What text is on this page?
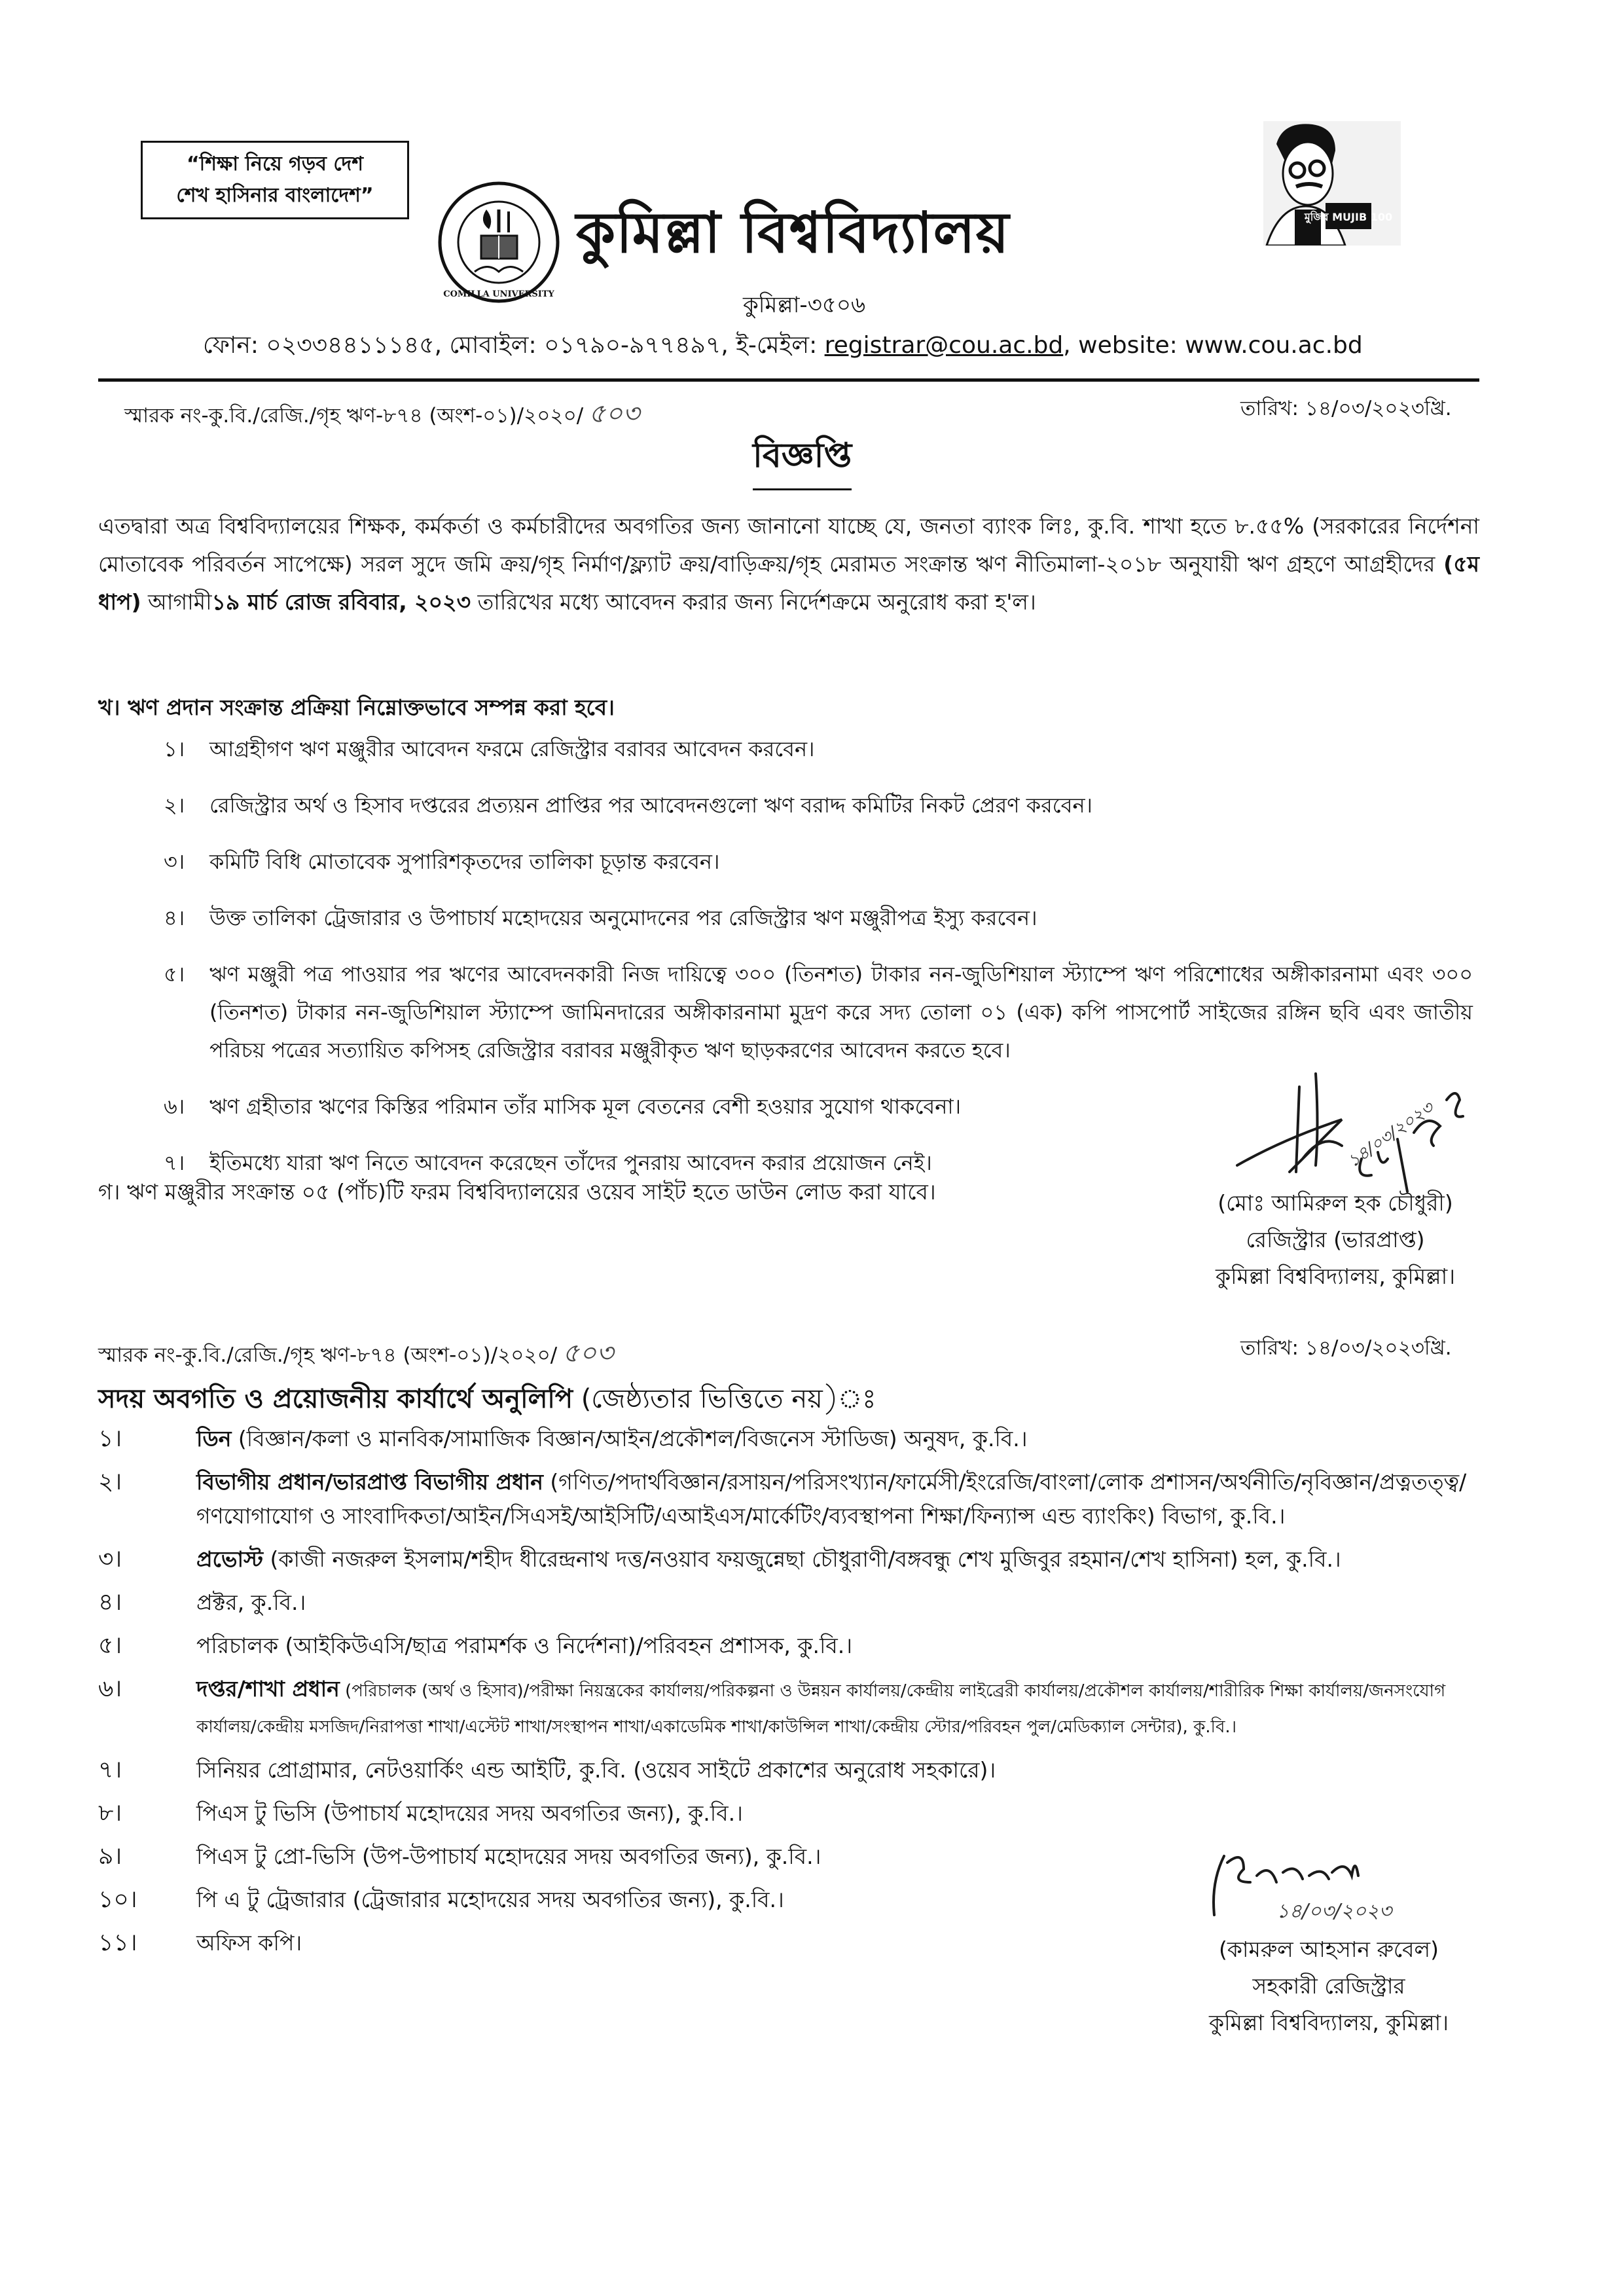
“শিক্ষা নিয়ে গড়ব দেশ
শেখ হাসিনার বাংলাদেশ”
COMILLA UNIVERSITY
কুমিল্লা বিশ্ববিদ্যালয়	মুজিব MUJIB 100
কুমিল্লা-৩৫০৬
ফোন: ০২৩৩৪৪১১১৪৫, মোবাইল: ০১৭৯০-৯৭৭৪৯৭, ই-মেইল: registrar@cou.ac.bd, website: www.cou.ac.bd
স্মারক নং-কু.বি./রেজি./গৃহ ঋণ-৮৭৪ (অংশ-০১)/২০২০/ ৫০৩	তারিখ: ১৪/০৩/২০২৩খ্রি.
বিজ্ঞপ্তি
এতদ্বারা অত্র বিশ্ববিদ্যালয়ের শিক্ষক, কর্মকর্তা ও কর্মচারীদের অবগতির জন্য জানানো যাচ্ছে যে, জনতা ব্যাংক লিঃ, কু.বি. শাখা হতে ৮.৫৫% (সরকারের নির্দেশনা মোতাবেক পরিবর্তন সাপেক্ষে) সরল সুদে জমি ক্রয়/গৃহ নির্মাণ/ফ্ল্যাট ক্রয়/বাড়িক্রয়/গৃহ মেরামত সংক্রান্ত ঋণ নীতিমালা-২০১৮ অনুযায়ী ঋণ গ্রহণে আগ্রহীদের (৫ম ধাপ) আগামী১৯ মার্চ রোজ রবিবার, ২০২৩ তারিখের মধ্যে আবেদন করার জন্য নির্দেশক্রমে অনুরোধ করা হ'ল।
খ। ঋণ প্রদান সংক্রান্ত প্রক্রিয়া নিম্নোক্তভাবে সম্পন্ন করা হবে।
১।	আগ্রহীগণ ঋণ মঞ্জুরীর আবেদন ফরমে রেজিস্ট্রার বরাবর আবেদন করবেন।
২।	রেজিস্ট্রার অর্থ ও হিসাব দপ্তরের প্রত্যয়ন প্রাপ্তির পর আবেদনগুলো ঋণ বরাদ্দ কমিটির নিকট প্রেরণ করবেন।
৩।	কমিটি বিধি মোতাবেক সুপারিশকৃতদের তালিকা চূড়ান্ত করবেন।
৪।	উক্ত তালিকা ট্রেজারার ও উপাচার্য মহোদয়ের অনুমোদনের পর রেজিস্ট্রার ঋণ মঞ্জুরীপত্র ইস্যু করবেন।
৫।	ঋণ মঞ্জুরী পত্র পাওয়ার পর ঋণের আবেদনকারী নিজ দায়িত্বে ৩০০ (তিনশত) টাকার নন-জুডিশিয়াল স্ট্যাম্পে ঋণ পরিশোধের অঙ্গীকারনামা এবং ৩০০ (তিনশত) টাকার নন-জুডিশিয়াল স্ট্যাম্পে জামিনদারের অঙ্গীকারনামা মুদ্রণ করে সদ্য তোলা ০১ (এক) কপি পাসপোর্ট সাইজের রঙ্গিন ছবি এবং জাতীয় পরিচয় পত্রের সত্যায়িত কপিসহ রেজিস্ট্রার বরাবর মঞ্জুরীকৃত ঋণ ছাড়করণের আবেদন করতে হবে।
৬।	ঋণ গ্রহীতার ঋণের কিস্তির পরিমান তাঁর মাসিক মূল বেতনের বেশী হওয়ার সুযোগ থাকবেনা।
৭।	ইতিমধ্যে যারা ঋণ নিতে আবেদন করেছেন তাঁদের পুনরায় আবেদন করার প্রয়োজন নেই।
গ। ঋণ মঞ্জুরীর সংক্রান্ত ০৫ (পাঁচ)টি ফরম বিশ্ববিদ্যালয়ের ওয়েব সাইট হতে ডাউন লোড করা যাবে।
১৪/০৩/২০২৩
(মোঃ আমিরুল হক চৌধুরী)
রেজিস্ট্রার (ভারপ্রাপ্ত)
কুমিল্লা বিশ্ববিদ্যালয়, কুমিল্লা।
স্মারক নং-কু.বি./রেজি./গৃহ ঋণ-৮৭৪ (অংশ-০১)/২০২০/ ৫০৩	তারিখ: ১৪/০৩/২০২৩খ্রি.
সদয় অবগতি ও প্রয়োজনীয় কার্যার্থে অনুলিপি (জেষ্ঠ্যতার ভিত্তিতে নয়)ঃ
১।	ডিন (বিজ্ঞান/কলা ও মানবিক/সামাজিক বিজ্ঞান/আইন/প্রকৌশল/বিজনেস স্টাডিজ) অনুষদ, কু.বি.।
২।	বিভাগীয় প্রধান/ভারপ্রাপ্ত বিভাগীয় প্রধান (গণিত/পদার্থবিজ্ঞান/রসায়ন/পরিসংখ্যান/ফার্মেসী/ইংরেজি/বাংলা/লোক প্রশাসন/অর্থনীতি/নৃবিজ্ঞান/প্রত্নতত্ত্ব/ গণযোগাযোগ ও সাংবাদিকতা/আইন/সিএসই/আইসিটি/এআইএস/মার্কেটিং/ব্যবস্থাপনা শিক্ষা/ফিন্যান্স এন্ড ব্যাংকিং) বিভাগ, কু.বি.।
৩।	প্রভোস্ট (কাজী নজরুল ইসলাম/শহীদ ধীরেন্দ্রনাথ দত্ত/নওয়াব ফয়জুন্নেছা চৌধুরাণী/বঙ্গবন্ধু শেখ মুজিবুর রহমান/শেখ হাসিনা) হল, কু.বি.।
৪।	প্রক্টর, কু.বি.।
৫।	পরিচালক (আইকিউএসি/ছাত্র পরামর্শক ও নির্দেশনা)/পরিবহন প্রশাসক, কু.বি.।
৬।	দপ্তর/শাখা প্রধান (পরিচালক (অর্থ ও হিসাব)/পরীক্ষা নিয়ন্ত্রকের কার্যালয়/পরিকল্পনা ও উন্নয়ন কার্যালয়/কেন্দ্রীয় লাইব্রেরী কার্যালয়/প্রকৌশল কার্যালয়/শারীরিক শিক্ষা কার্যালয়/জনসংযোগ কার্যালয়/কেন্দ্রীয় মসজিদ/নিরাপত্তা শাখা/এস্টেট শাখা/সংস্থাপন শাখা/একাডেমিক শাখা/কাউন্সিল শাখা/কেন্দ্রীয় স্টোর/পরিবহন পুল/মেডিক্যাল সেন্টার), কু.বি.।
৭।	সিনিয়র প্রোগ্রামার, নেটওয়ার্কিং এন্ড আইটি, কু.বি. (ওয়েব সাইটে প্রকাশের অনুরোধ সহকারে)।
৮।	পিএস টু ভিসি (উপাচার্য মহোদয়ের সদয় অবগতির জন্য), কু.বি.।
৯।	পিএস টু প্রো-ভিসি (উপ-উপাচার্য মহোদয়ের সদয় অবগতির জন্য), কু.বি.।
১০।	পি এ টু ট্রেজারার (ট্রেজারার মহোদয়ের সদয় অবগতির জন্য), কু.বি.।
১১।	অফিস কপি।
১৪/০৩/২০২৩
(কামরুল আহসান রুবেল)
সহকারী রেজিস্ট্রার
কুমিল্লা বিশ্ববিদ্যালয়, কুমিল্লা।
